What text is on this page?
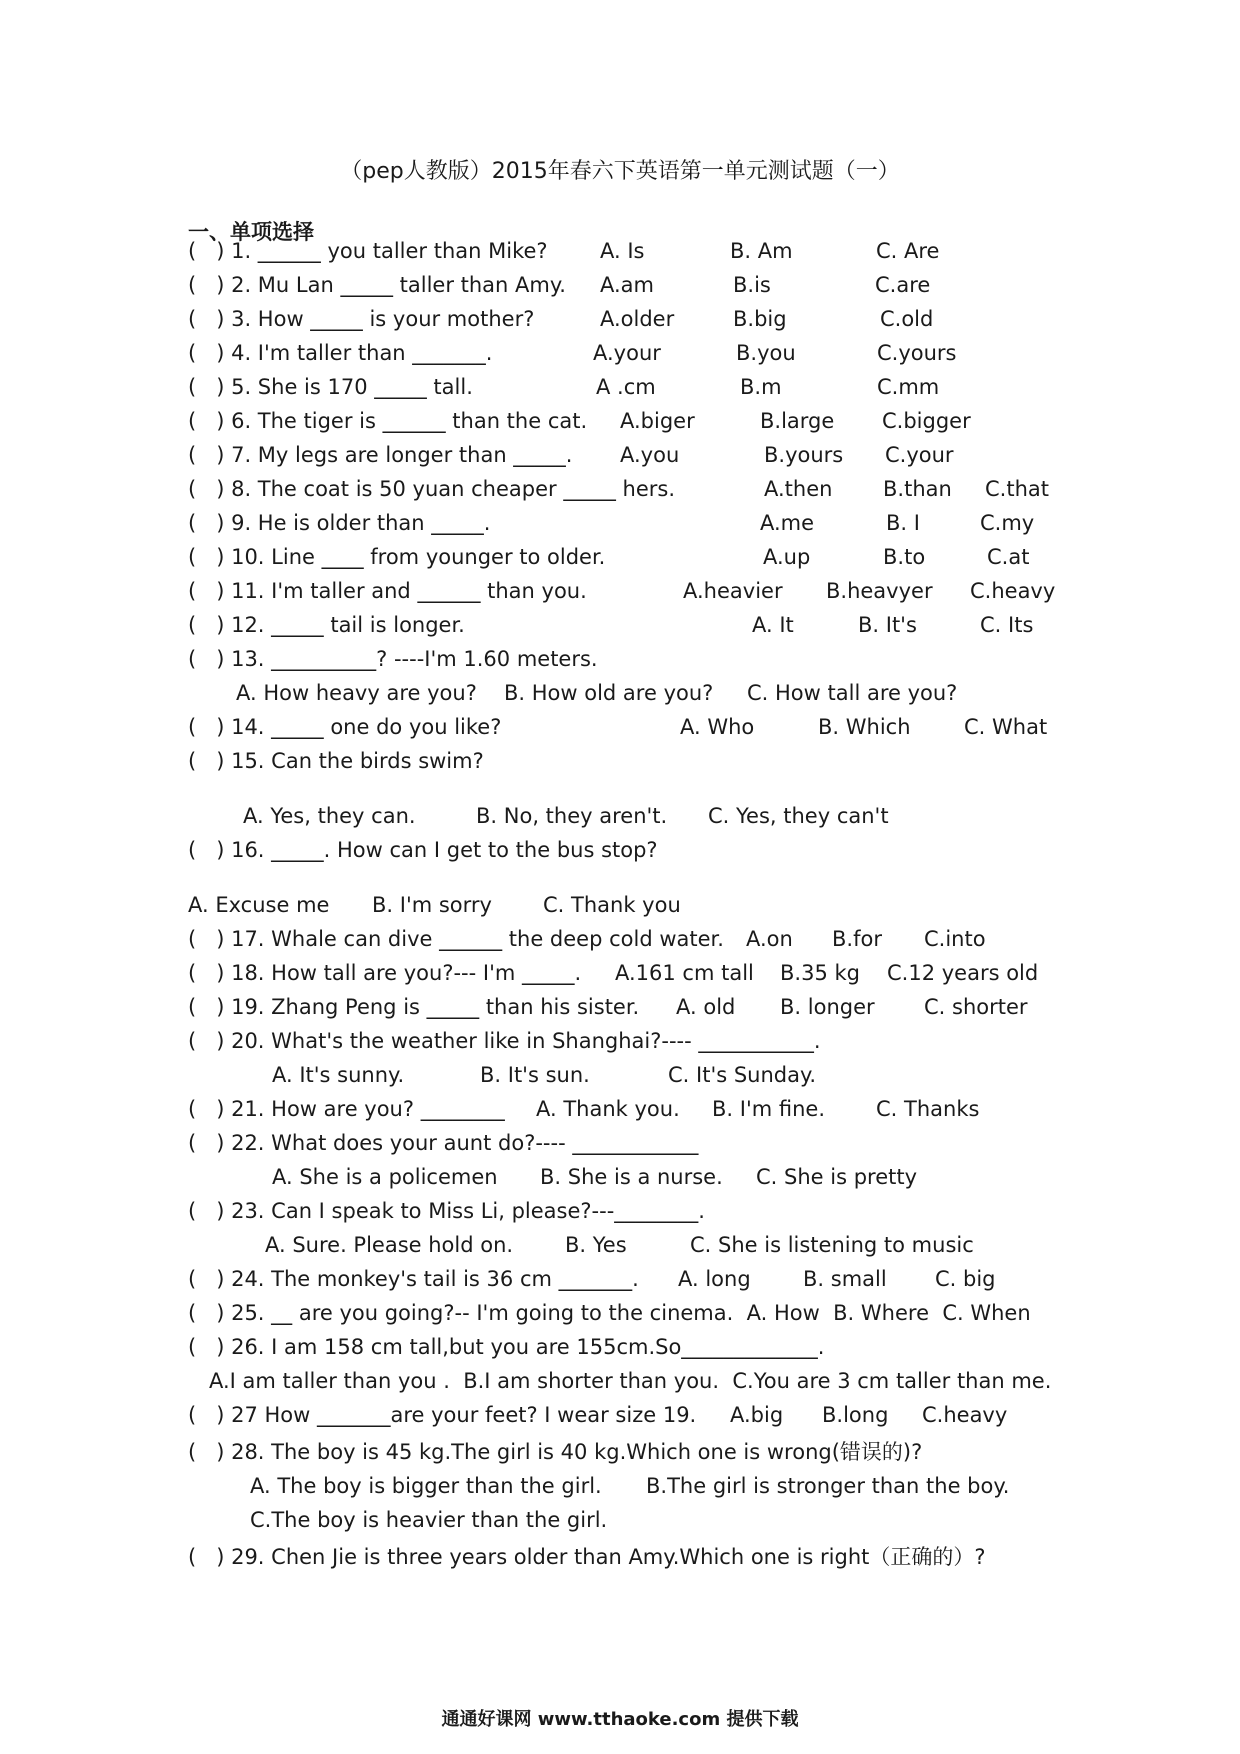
（pep人教版）2015年春六下英语第一单元测试题（一）
一、单项选择
(   ) 1. ______ you taller than Mike? A. Is	B. Am	C. Are
(   ) 2. Mu Lan _____ taller than Amy. A.am	B.is	C.are
(   ) 3. How _____ is your mother?	A.older	B.big	C.old
(   ) 4. I'm taller than _______.	A.your	B.you	C.yours
(   ) 5. She is 170 _____ tall.	A .cm	B.m	C.mm
(   ) 6. The tiger is ______ than the cat. A.biger	B.large C.bigger
(   ) 7. My legs are longer than _____. A.you	B.yours C.your
(   ) 8. The coat is 50 yuan cheaper _____ hers.	A.then B.than C.that
(   ) 9. He is older than _____.	A.me	B. I	C.my
(   ) 10. Line ____ from younger to older.	A.up	B.to	C.at
(   ) 11. I'm taller and ______ than you.	A.heavier B.heavyer C.heavy
(   ) 12. _____ tail is longer.	A. It	B. It's	C. Its
(   ) 13. __________? ----I'm 1.60 meters.
A. How heavy are you? B. How old are you? C. How tall are you?
(   ) 14. _____ one do you like?	A. Who	B. Which	C. What
(   ) 15. Can the birds swim?
A. Yes, they can.	B. No, they aren't. C. Yes, they can't
(   ) 16. _____. How can I get to the bus stop?
A. Excuse me B. I'm sorry C. Thank you
(   ) 17. Whale can dive ______ the deep cold water. A.on B.for C.into
(   ) 18. How tall are you?--- I'm _____. A.161 cm tall B.35 kg C.12 years old
(   ) 19. Zhang Peng is _____ than his sister. A. old B. longer C. shorter
(   ) 20. What's the weather like in Shanghai?---- ___________.
A. It's sunny.	B. It's sun.	C. It's Sunday.
(   ) 21. How are you? ________ A. Thank you. B. I'm fine. C. Thanks
(   ) 22. What does your aunt do?---- ____________
A. She is a policemen B. She is a nurse. C. She is pretty
(   ) 23. Can I speak to Miss Li, please?---________.
A. Sure. Please hold on. B. Yes	C. She is listening to music
(   ) 24. The monkey's tail is 36 cm _______. A. long B. small C. big
(   ) 25. __ are you going?-- I'm going to the cinema.  A. How  B. Where  C. When
(   ) 26. I am 158 cm tall,but you are 155cm.So_____________.
A.I am taller than you .  B.I am shorter than you.  C.You are 3 cm taller than me.
(   ) 27 How _______are your feet? I wear size 19. A.big B.long C.heavy
(   ) 28. The boy is 45 kg.The girl is 40 kg.Which one is wrong(错误的)?
A. The boy is bigger than the girl. B.The girl is stronger than the boy.
C.The boy is heavier than the girl.
(   ) 29. Chen Jie is three years older than Amy.Which one is right（正确的）?
通通好课网 www.tthaoke.com 提供下载
